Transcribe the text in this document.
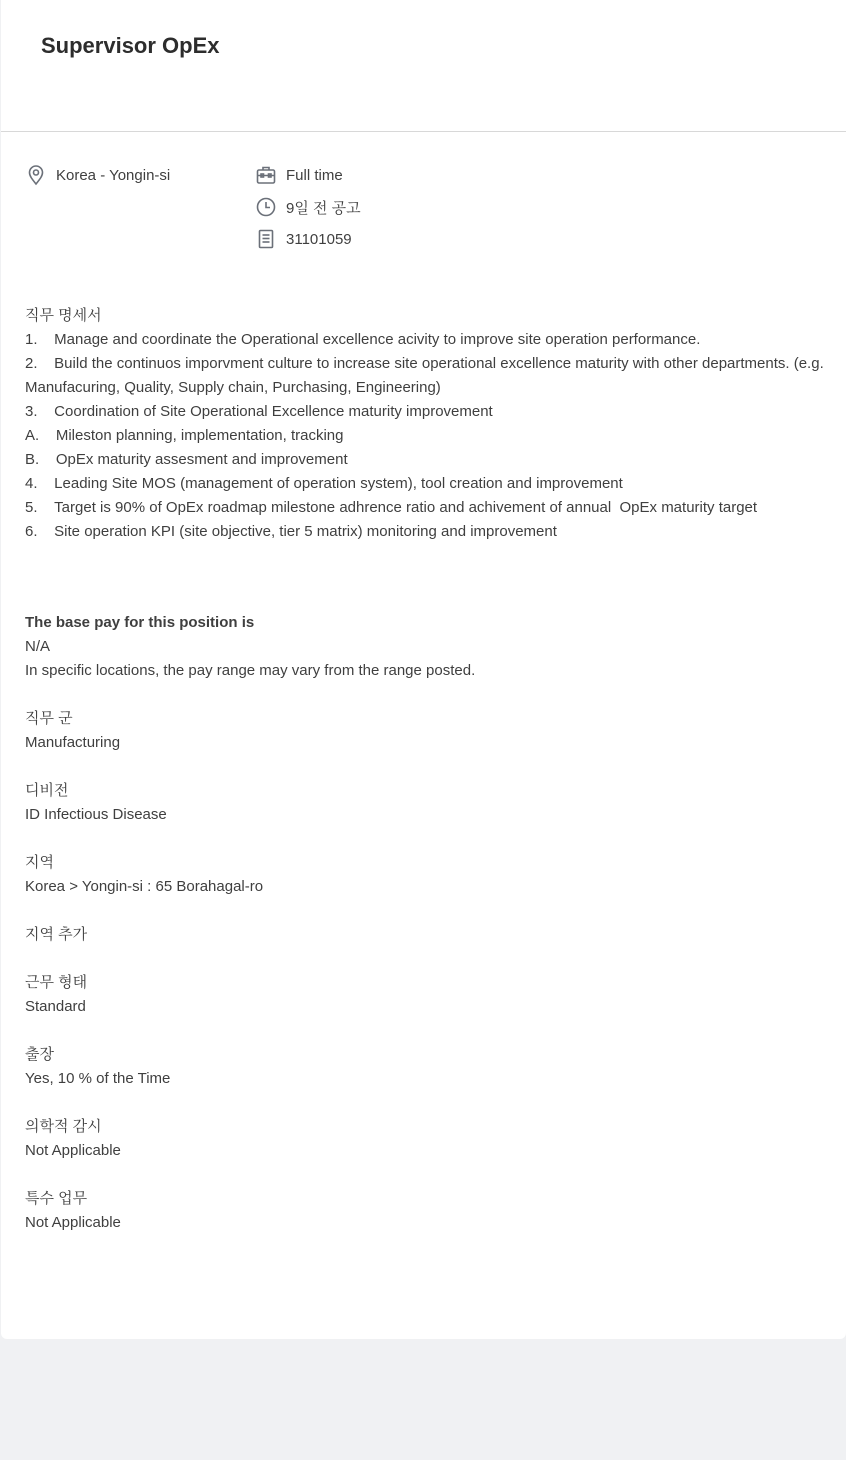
Supervisor OpEx
Korea - Yongin-si	Full time
9일 전 공고
31101059

직무 명세서

1.    Manage and coordinate the Operational excellence acivity to improve site operation performance.

2.    Build the continuos imporvment culture to increase site operational excellence maturity with other departments. (e.g. Manufacuring, Quality, Supply chain, Purchasing, Engineering)

3.    Coordination of Site Operational Excellence maturity improvement

A.    Mileston planning, implementation, tracking

B.    OpEx maturity assesment and improvement

4.    Leading Site MOS (management of operation system), tool creation and improvement

5.    Target is 90% of OpEx roadmap milestone adhrence ratio and achivement of annual  OpEx maturity target

6.    Site operation KPI (site objective, tier 5 matrix) monitoring and improvement

The base pay for this position is

N/A

In specific locations, the pay range may vary from the range posted.

직무 군
Manufacturing
디비전
ID Infectious Disease
지역
Korea > Yongin-si : 65 Borahagal-ro
지역 추가
근무 형태
Standard
출장
Yes, 10 % of the Time
의학적 감시
Not Applicable
특수 업무
Not Applicable
